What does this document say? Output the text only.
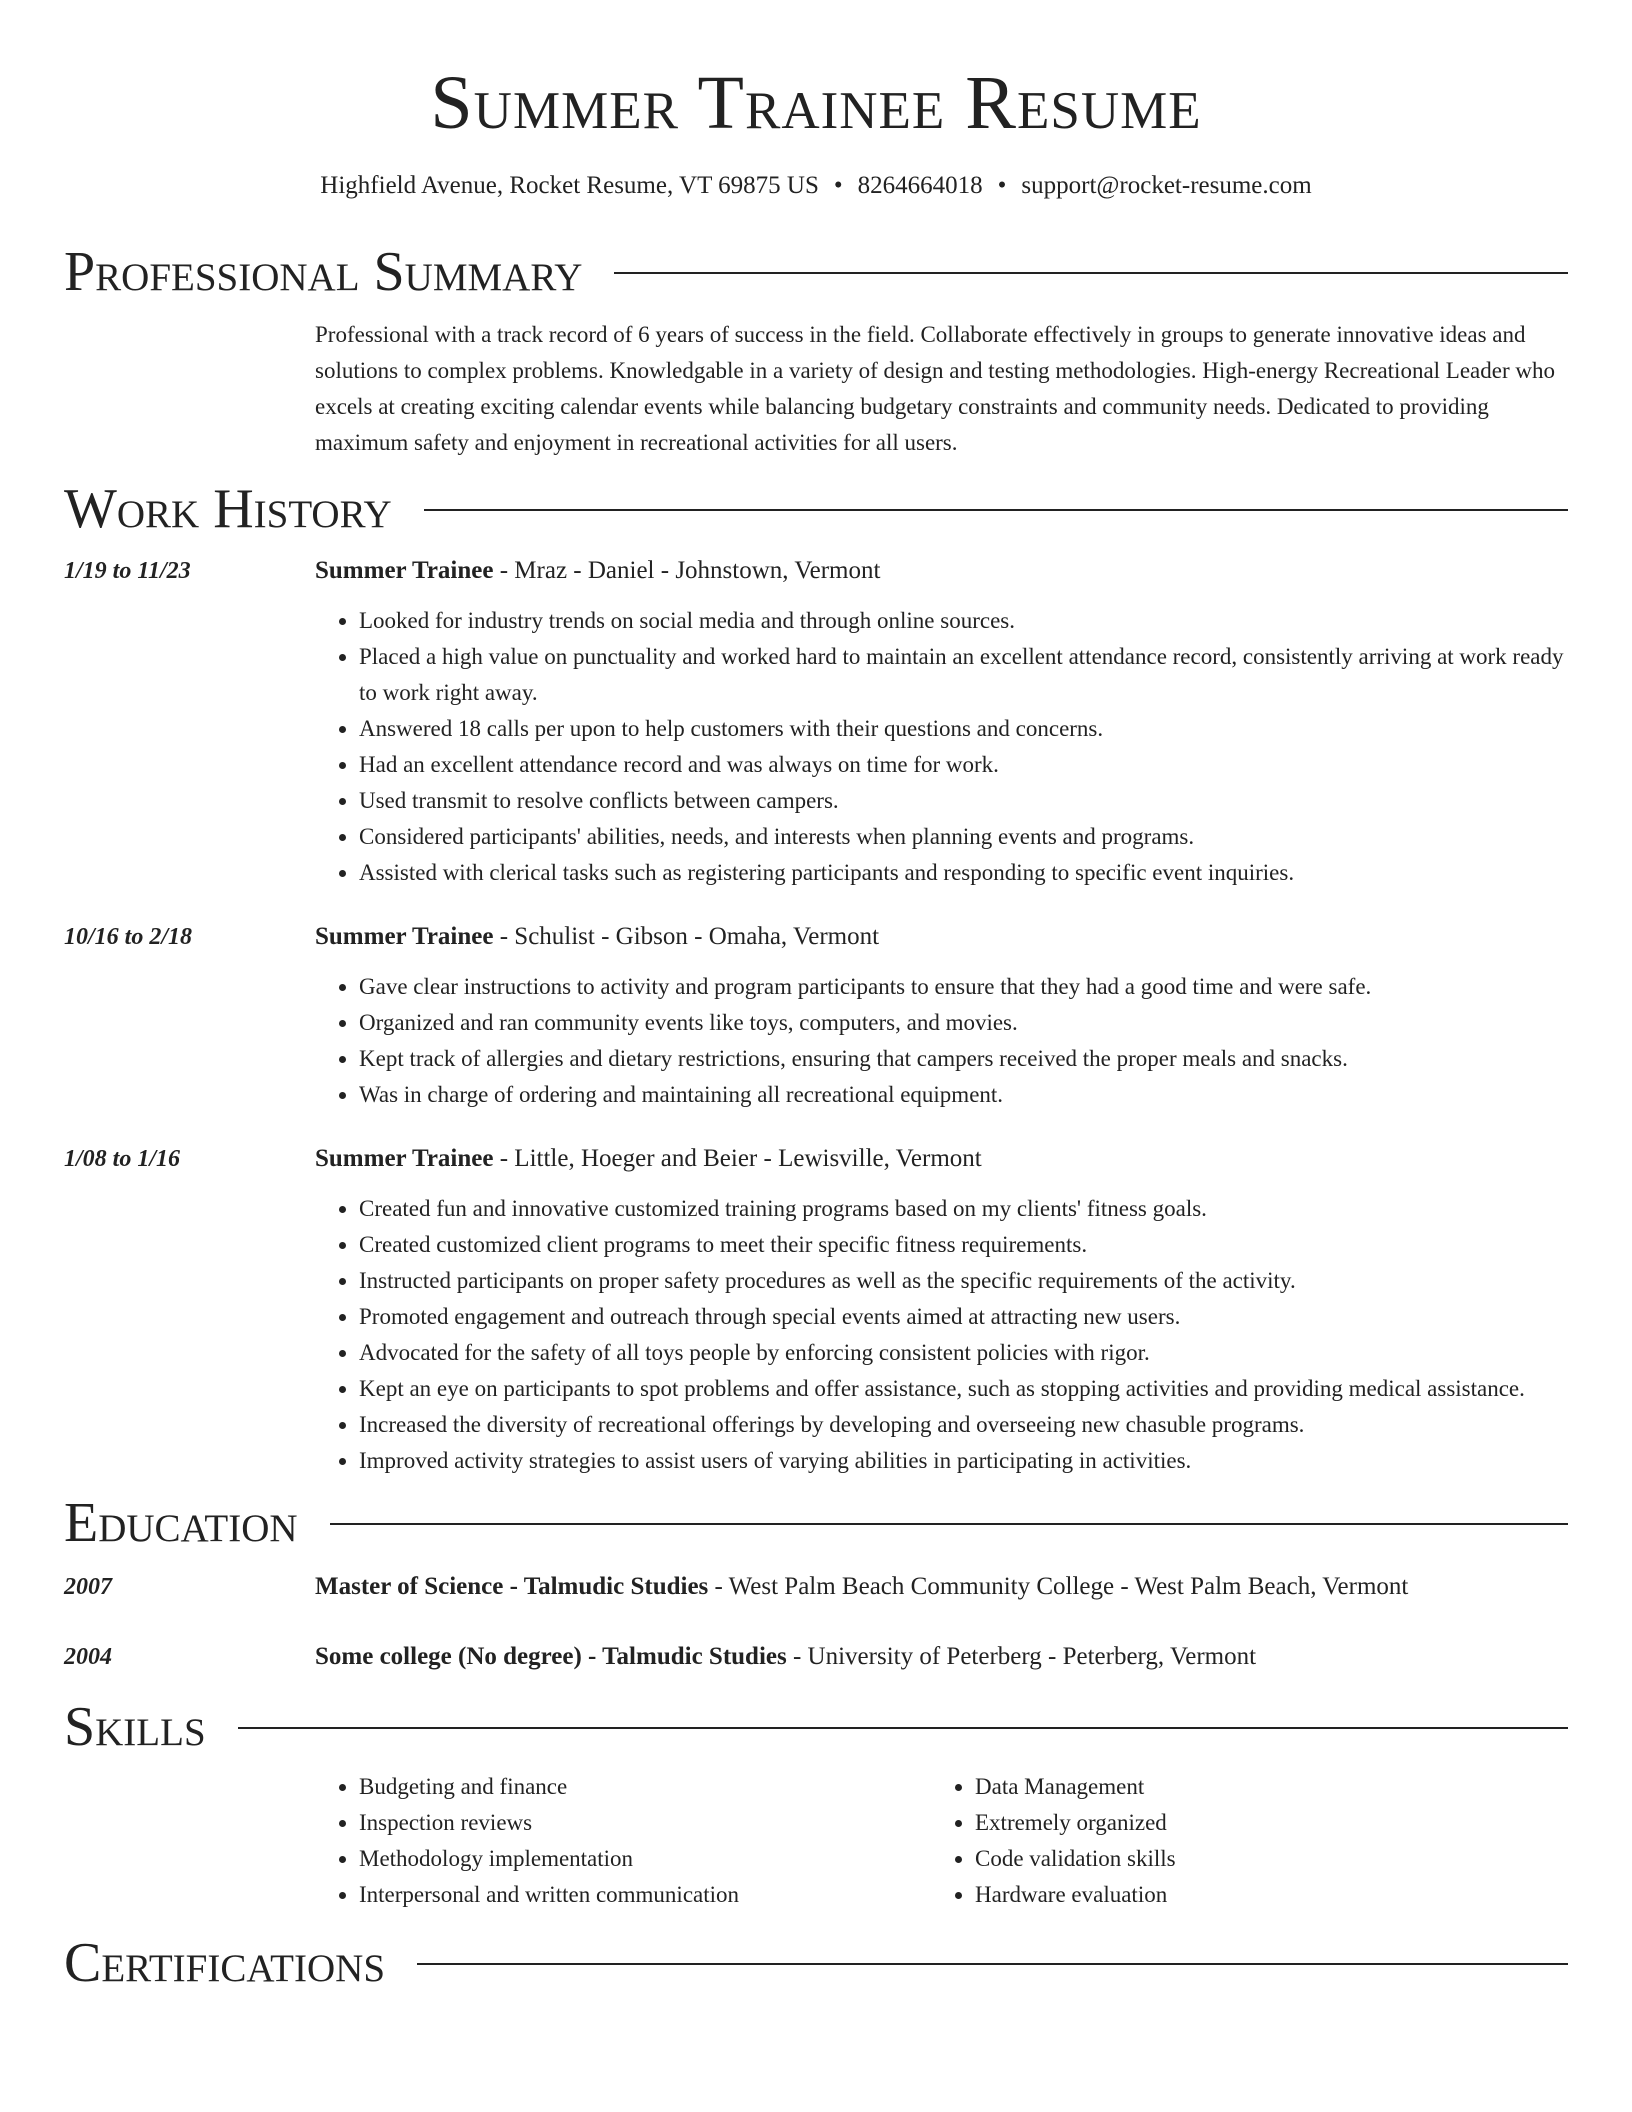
Summer Trainee Resume
Highfield Avenue, Rocket Resume, VT 69875 US • 8264664018 • support@rocket-resume.com
Professional Summary
Professional with a track record of 6 years of success in the field. Collaborate effectively in groups to generate innovative ideas and solutions to complex problems. Knowledgable in a variety of design and testing methodologies. High-energy Recreational Leader who excels at creating exciting calendar events while balancing budgetary constraints and community needs. Dedicated to providing maximum safety and enjoyment in recreational activities for all users.
Work History
1/19 to 11/23	Summer Trainee - Mraz - Daniel - Johnstown, Vermont
• Looked for industry trends on social media and through online sources.
• Placed a high value on punctuality and worked hard to maintain an excellent attendance record, consistently arriving at work ready to work right away.
• Answered 18 calls per upon to help customers with their questions and concerns.
• Had an excellent attendance record and was always on time for work.
• Used transmit to resolve conflicts between campers.
• Considered participants' abilities, needs, and interests when planning events and programs.
• Assisted with clerical tasks such as registering participants and responding to specific event inquiries.
10/16 to 2/18	Summer Trainee - Schulist - Gibson - Omaha, Vermont
• Gave clear instructions to activity and program participants to ensure that they had a good time and were safe.
• Organized and ran community events like toys, computers, and movies.
• Kept track of allergies and dietary restrictions, ensuring that campers received the proper meals and snacks.
• Was in charge of ordering and maintaining all recreational equipment.
1/08 to 1/16	Summer Trainee - Little, Hoeger and Beier - Lewisville, Vermont
• Created fun and innovative customized training programs based on my clients' fitness goals.
• Created customized client programs to meet their specific fitness requirements.
• Instructed participants on proper safety procedures as well as the specific requirements of the activity.
• Promoted engagement and outreach through special events aimed at attracting new users.
• Advocated for the safety of all toys people by enforcing consistent policies with rigor.
• Kept an eye on participants to spot problems and offer assistance, such as stopping activities and providing medical assistance.
• Increased the diversity of recreational offerings by developing and overseeing new chasuble programs.
• Improved activity strategies to assist users of varying abilities in participating in activities.
Education
2007	Master of Science - Talmudic Studies - West Palm Beach Community College - West Palm Beach, Vermont
2004	Some college (No degree) - Talmudic Studies - University of Peterberg - Peterberg, Vermont
Skills
• Budgeting and finance
• Inspection reviews
• Methodology implementation
• Interpersonal and written communication
• Data Management
• Extremely organized
• Code validation skills
• Hardware evaluation
Certifications
